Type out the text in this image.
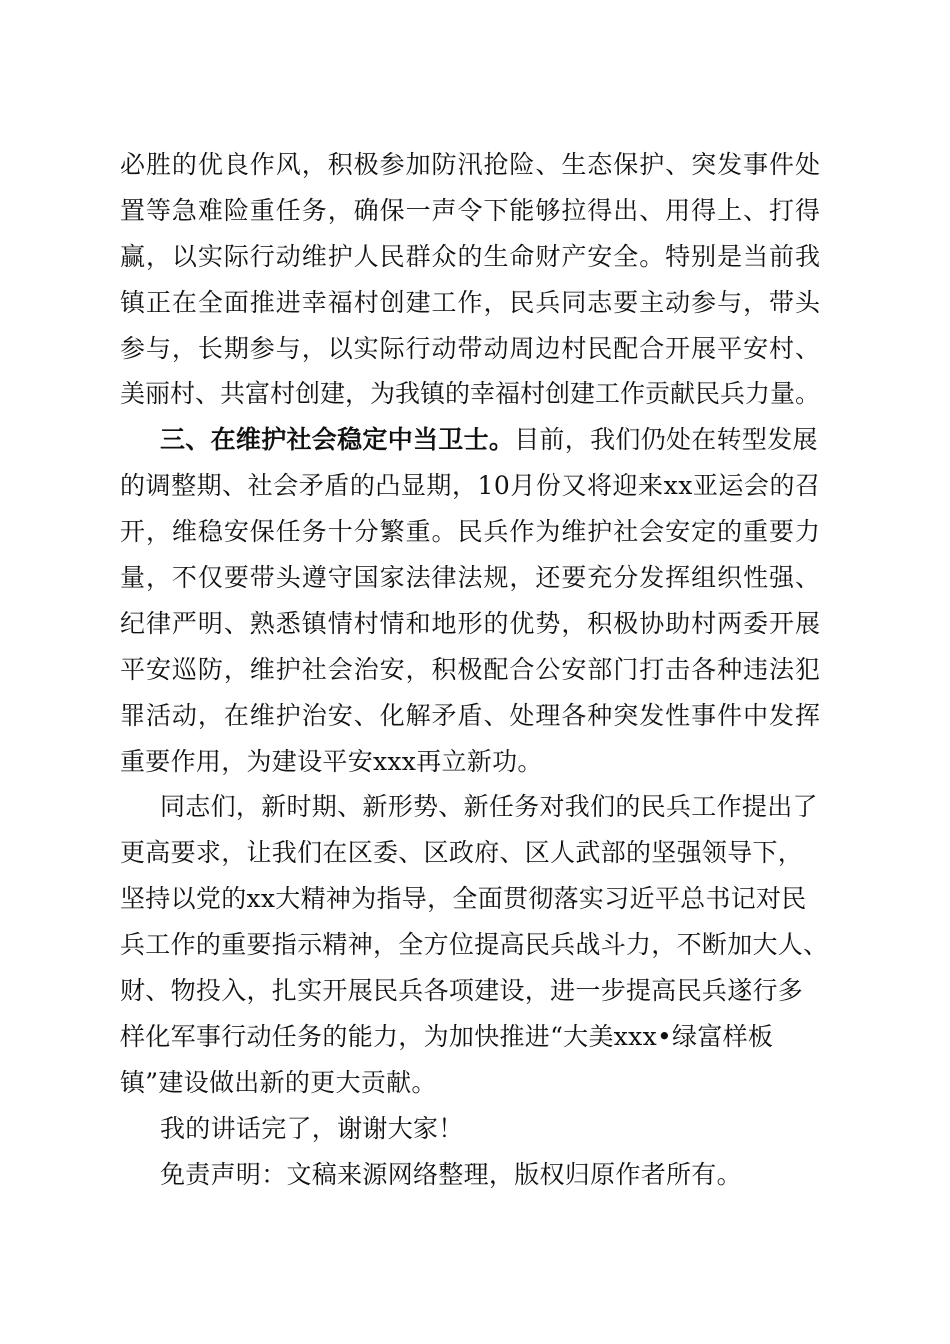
必胜的优良作风，积极参加防汛抢险、生态保护、突发事件处
置等急难险重任务，确保一声令下能够拉得出、用得上、打得
赢，以实际行动维护人民群众的生命财产安全。特别是当前我
镇正在全面推进幸福村创建工作，民兵同志要主动参与，带头
参与，长期参与，以实际行动带动周边村民配合开展平安村、
美丽村、共富村创建，为我镇的幸福村创建工作贡献民兵力量。
三、在维护社会稳定中当卫士。 目前，我们仍处在转型发展
的调整期、社会矛盾的凸显期，10月份又将迎来xx亚运会的召
开，维稳安保任务十分繁重。民兵作为维护社会安定的重要力
量，不仅要带头遵守国家法律法规，还要充分发挥组织性强、
纪律严明、熟悉镇情村情和地形的优势，积极协助村两委开展
平安巡防，维护社会治安，积极配合公安部门打击各种违法犯
罪活动，在维护治安、化解矛盾、处理各种突发性事件中发挥
重要作用，为建设平安xxx再立新功。
同志们，新时期、新形势、新任务对我们的民兵工作提出了
更高要求，让我们在区委、区政府、区人武部的坚强领导下，
坚持以党的xx大精神为指导，全面贯彻落实习近平总书记对民
兵工作的重要指示精神，全方位提高民兵战斗力，不断加大人、
财、物投入，扎实开展民兵各项建设，进一步提高民兵遂行多
样化军事行动任务的能力，为加快推进“大美xxx•绿富样板
镇”建设做出新的更大贡献。
我的讲话完了，谢谢大家！
免责声明：文稿来源网络整理，版权归原作者所有。
